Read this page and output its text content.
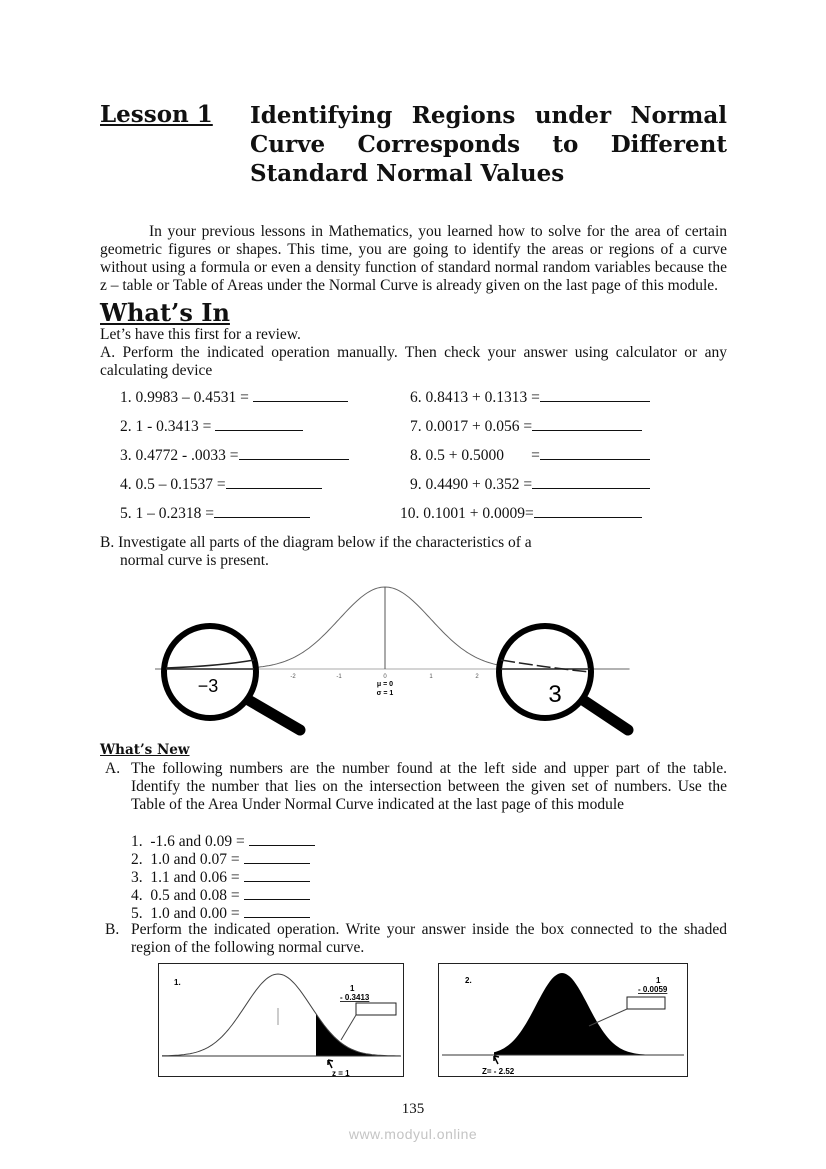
Lesson 1 Identifying Regions under Normal
Curve Corresponds to Different
Standard Normal Values
In your previous lessons in Mathematics, you learned how to solve for the area of certain geometric figures or shapes. This time, you are going to identify the areas or regions of a curve without using a formula or even a density function of standard normal random variables because the z – table or Table of Areas under the Normal Curve is already given on the last page of this module.
What’s In
Let’s have this first for a review.
A. Perform the indicated operation manually. Then check your answer using calculator or any calculating device
1. 0.9983 – 0.4531 =
2. 1 - 0.3413 =
3. 0.4772 - .0033 =
4. 0.5 – 0.1537 =
5. 1 – 0.2318 =
6. 0.8413 + 0.1313 =
7. 0.0017 + 0.056 =
8. 0.5 + 0.5000       =
9. 0.4490 + 0.352 =
10. 0.1001 + 0.0009=
B. Investigate all parts of the diagram below if the characteristics of a
normal curve is present.
-2	-1	0	1	2
μ = 0
σ = 1
−3	3
What’s New
A. The following numbers are the number found at the left side and upper part of the table. Identify the number that lies on the intersection between the given set of numbers. Use the Table of the Area Under Normal Curve indicated at the last page of this module
1.  -1.6 and 0.09 =
2.  1.0 and 0.07 =
3.  1.1 and 0.06 =
4.  0.5 and 0.08 =
5.  1.0 and 0.00 =
B. Perform the indicated operation. Write your answer inside the box connected to the shaded region of the following normal curve.
1.
1
- 0.3413
z = 1
2.	1
- 0.0059
Z= - 2.52
135
www.modyul.online
